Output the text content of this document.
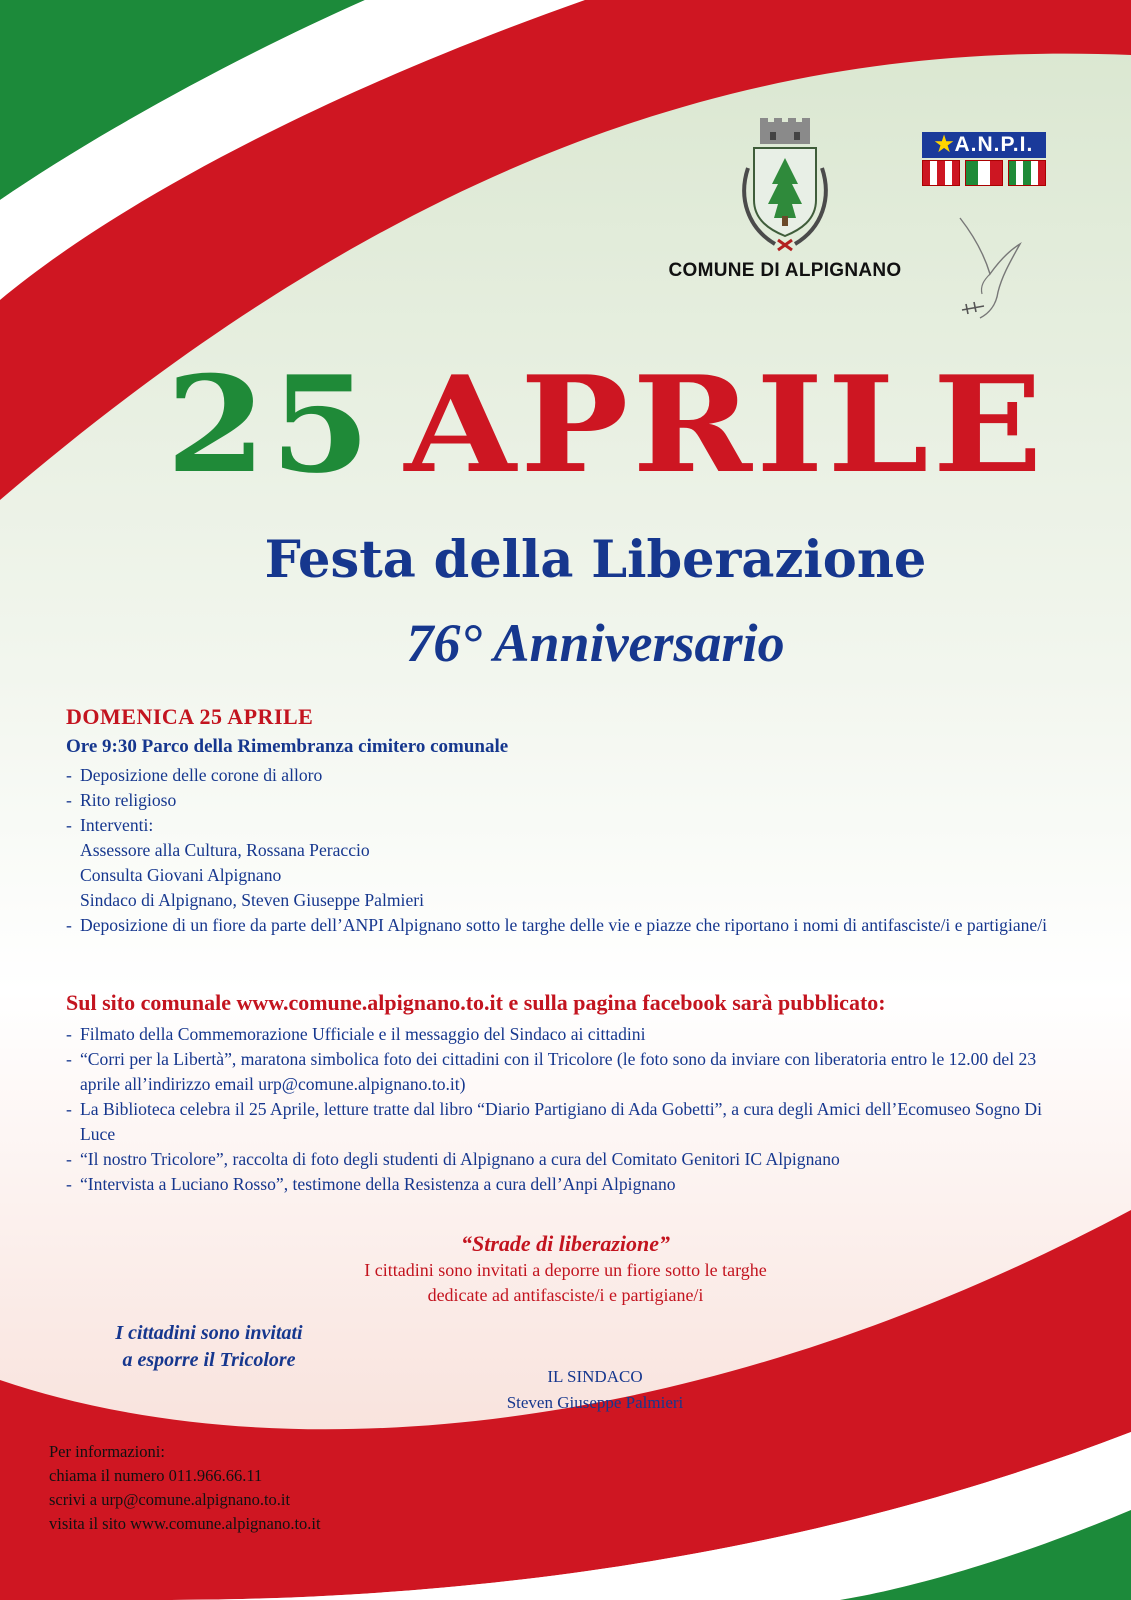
COMUNE DI ALPIGNANO
★A.N.P.I.
25 APRILE
Festa della Liberazione
76° Anniversario
DOMENICA 25 APRILE
Ore 9:30 Parco della Rimembranza cimitero comunale
- Deposizione delle corone di alloro
- Rito religioso
- Interventi:
Assessore alla Cultura, Rossana Peraccio
Consulta Giovani Alpignano
Sindaco di Alpignano, Steven Giuseppe Palmieri
- Deposizione di un fiore da parte dell’ANPI Alpignano sotto le targhe delle vie e piazze che riportano i nomi di antifasciste/i e partigiane/i
Sul sito comunale www.comune.alpignano.to.it e sulla pagina facebook sarà pubblicato:
- Filmato della Commemorazione Ufficiale e il messaggio del Sindaco ai cittadini
- “Corri per la Libertà”, maratona simbolica foto dei cittadini con il Tricolore (le foto sono da inviare con liberatoria entro le 12.00 del 23 aprile all’indirizzo email urp@comune.alpignano.to.it)
- La Biblioteca celebra il 25 Aprile, letture tratte dal libro “Diario Partigiano di Ada Gobetti”, a cura degli Amici dell’Ecomuseo Sogno Di Luce
- “Il nostro Tricolore”, raccolta di foto degli studenti di Alpignano a cura del Comitato Genitori IC Alpignano
- “Intervista a Luciano Rosso”, testimone della Resistenza a cura dell’Anpi Alpignano
“Strade di liberazione”
I cittadini sono invitati a deporre un fiore sotto le targhe
dedicate ad antifasciste/i e partigiane/i
I cittadini sono invitati
a esporre il Tricolore
IL SINDACO
Steven Giuseppe Palmieri
Per informazioni:
chiama il numero 011.966.66.11
scrivi a urp@comune.alpignano.to.it
visita il sito www.comune.alpignano.to.it
